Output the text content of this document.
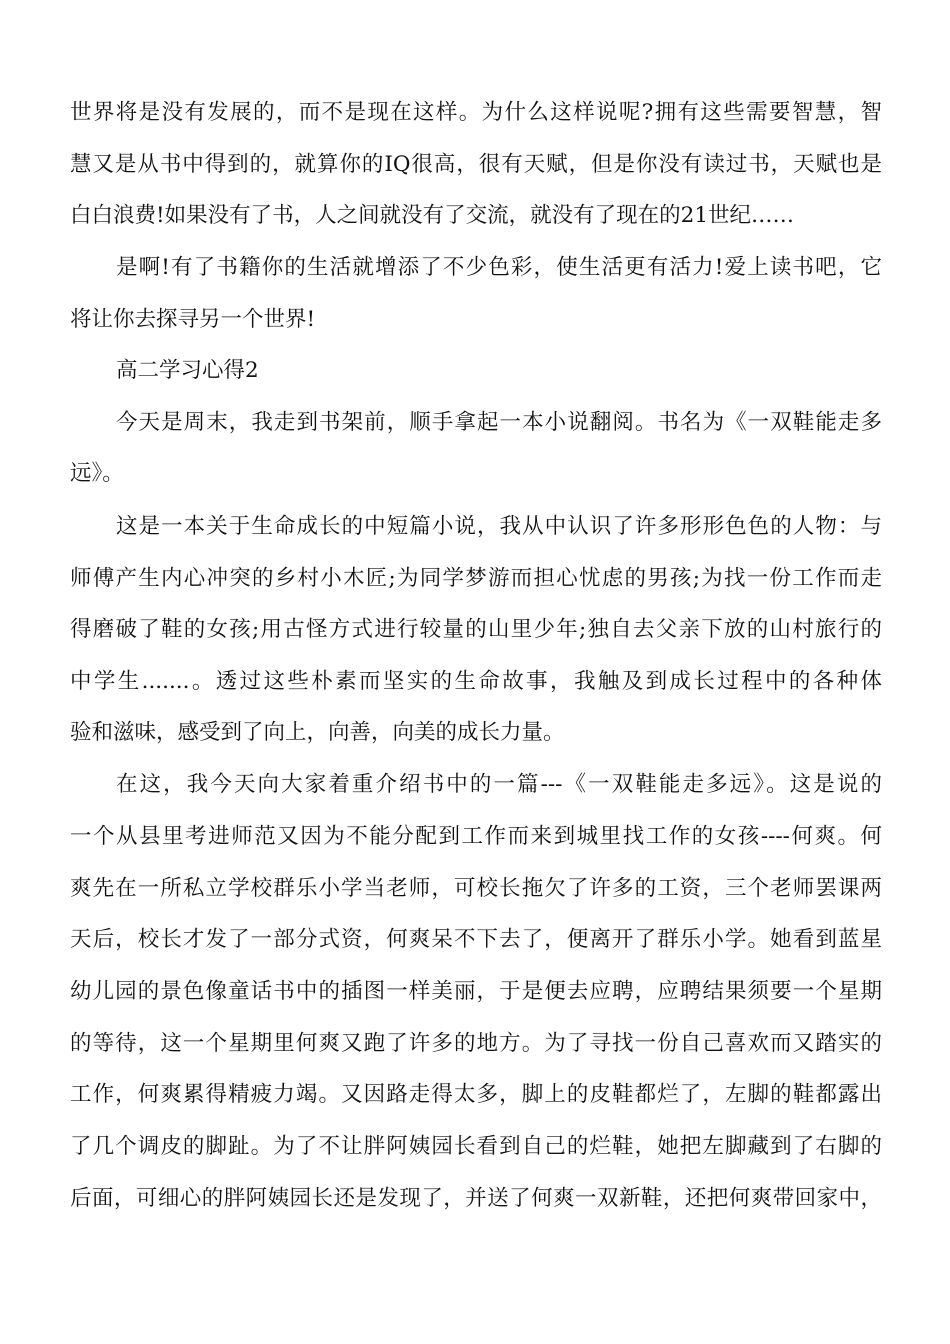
世界将是没有发展的，而不是现在这样。为什么这样说呢?拥有这些需要智慧，智
慧又是从书中得到的，就算你的IQ很高，很有天赋，但是你没有读过书，天赋也是
白白浪费!如果没有了书，人之间就没有了交流，就没有了现在的21世纪……
是啊!有了书籍你的生活就增添了不少色彩，使生活更有活力!爱上读书吧，它
将让你去探寻另一个世界!
高二学习心得2
今天是周末，我走到书架前，顺手拿起一本小说翻阅。书名为《一双鞋能走多
远》。
这是一本关于生命成长的中短篇小说，我从中认识了许多形形色色的人物：与
师傅产生内心冲突的乡村小木匠;为同学梦游而担心忧虑的男孩;为找一份工作而走
得磨破了鞋的女孩;用古怪方式进行较量的山里少年;独自去父亲下放的山村旅行的
中学生.......。透过这些朴素而坚实的生命故事，我触及到成长过程中的各种体
验和滋味，感受到了向上，向善，向美的成长力量。
在这，我今天向大家着重介绍书中的一篇---《一双鞋能走多远》。这是说的
一个从县里考进师范又因为不能分配到工作而来到城里找工作的女孩----何爽。何
爽先在一所私立学校群乐小学当老师，可校长拖欠了许多的工资，三个老师罢课两
天后，校长才发了一部分式资，何爽呆不下去了，便离开了群乐小学。她看到蓝星
幼儿园的景色像童话书中的插图一样美丽，于是便去应聘，应聘结果须要一个星期
的等待，这一个星期里何爽又跑了许多的地方。为了寻找一份自己喜欢而又踏实的
工作，何爽累得精疲力竭。又因路走得太多，脚上的皮鞋都烂了，左脚的鞋都露出
了几个调皮的脚趾。为了不让胖阿姨园长看到自己的烂鞋，她把左脚藏到了右脚的
后面，可细心的胖阿姨园长还是发现了，并送了何爽一双新鞋，还把何爽带回家中，
